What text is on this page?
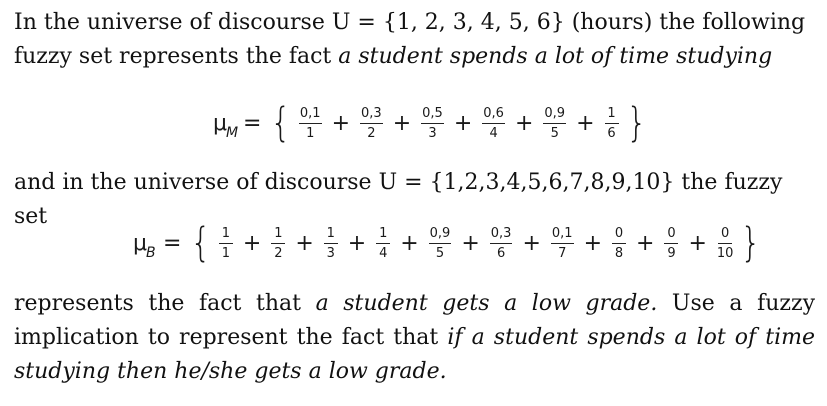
In the universe of discourse U = {1, 2, 3, 4, 5, 6} (hours) the following
fuzzy set represents the fact a student spends a lot of time studying

μ M = { $\frac{0,1}{1} + \frac{0,3}{2} + \frac{0,5}{3} + \frac{0,6}{4} + \frac{0,9}{5} + \frac{1}{6}$ }

and in the universe of discourse U = {1,2,3,4,5,6,7,8,9,10} the fuzzy set

μ B = { $\frac{1}{1} + \frac{1}{2} + \frac{1}{3} + \frac{1}{4} + \frac{0,9}{5} + \frac{0,3}{6} + \frac{0,1}{7} + \frac{0}{8} + \frac{0}{9} + \frac{0}{10}$ }

represents the fact that a student gets a low grade. Use a fuzzy implication to represent the fact that if a student spends a lot of time studying then he/she gets a low grade.
